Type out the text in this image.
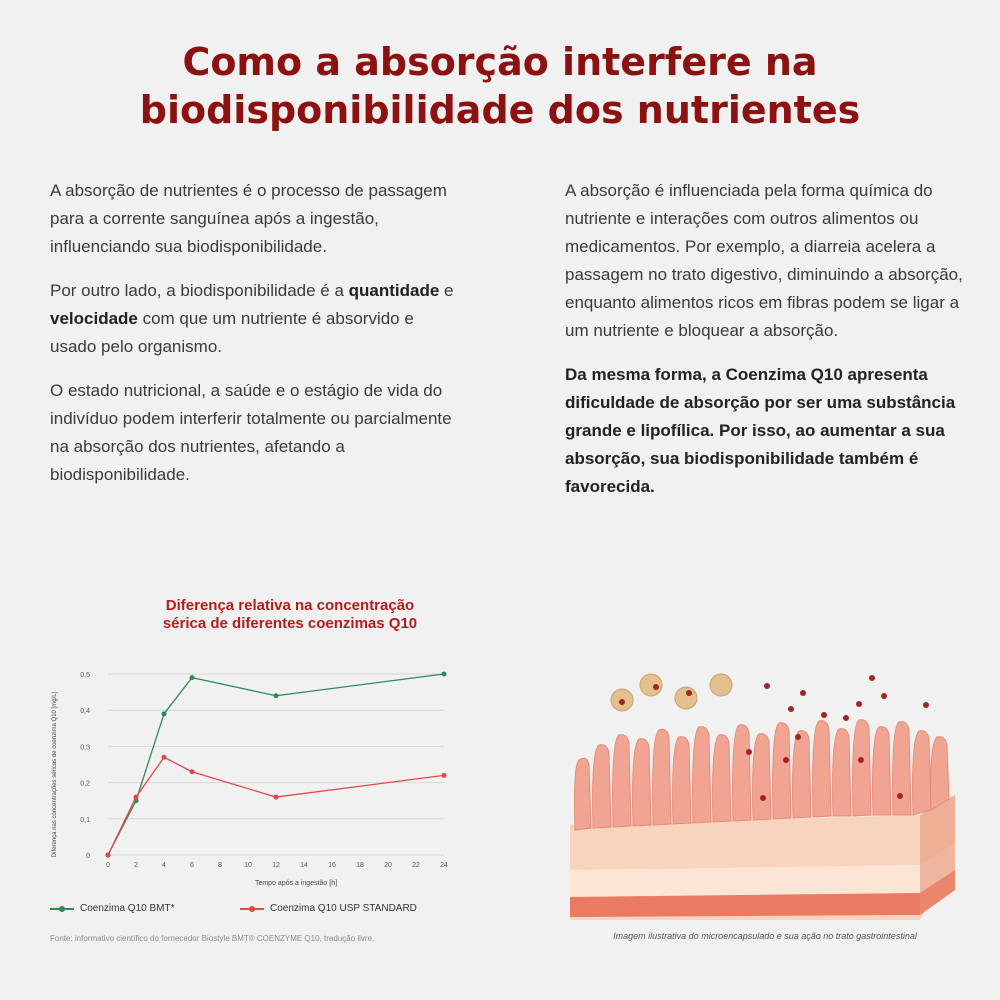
Como a absorção interfere na
biodisponibilidade dos nutrientes

A absorção de nutrientes é o processo de passagem para a corrente sanguínea após a ingestão, influenciando sua biodisponibilidade.

Por outro lado, a biodisponibilidade é a quantidade e velocidade com que um nutriente é absorvido e usado pelo organismo.

O estado nutricional, a saúde e o estágio de vida do indivíduo podem interferir totalmente ou parcialmente na absorção dos nutrientes, afetando a biodisponibilidade.

A absorção é influenciada pela forma química do nutriente e interações com outros alimentos ou medicamentos. Por exemplo, a diarreia acelera a passagem no trato digestivo, diminuindo a absorção, enquanto alimentos ricos em fibras podem se ligar a um nutriente e bloquear a absorção.

Da mesma forma, a Coenzima Q10 apresenta dificuldade de absorção por ser uma substância grande e lipofílica. Por isso, ao aumentar a sua absorção, sua biodisponibilidade também é favorecida.

Diferença relativa na concentração
sérica de diferentes coenzimas Q10
0
0,1
0,2
0,3
0,4
0,5
0	2	4	6	8	10	12	14	16	18	20	22	24
Tempo após a ingestão [h]
Diferença nas concentrações séricas de coenzima Q10 [mg/L]
Coenzima Q10 BMT*	Coenzima Q10 USP STANDARD
Fonte: informativo científico do fornecedor Biostyle BMT® COENZYME Q10, tradução livre.	Imagem ilustrativa do microencapsulado e sua ação no trato gastrointestinal
